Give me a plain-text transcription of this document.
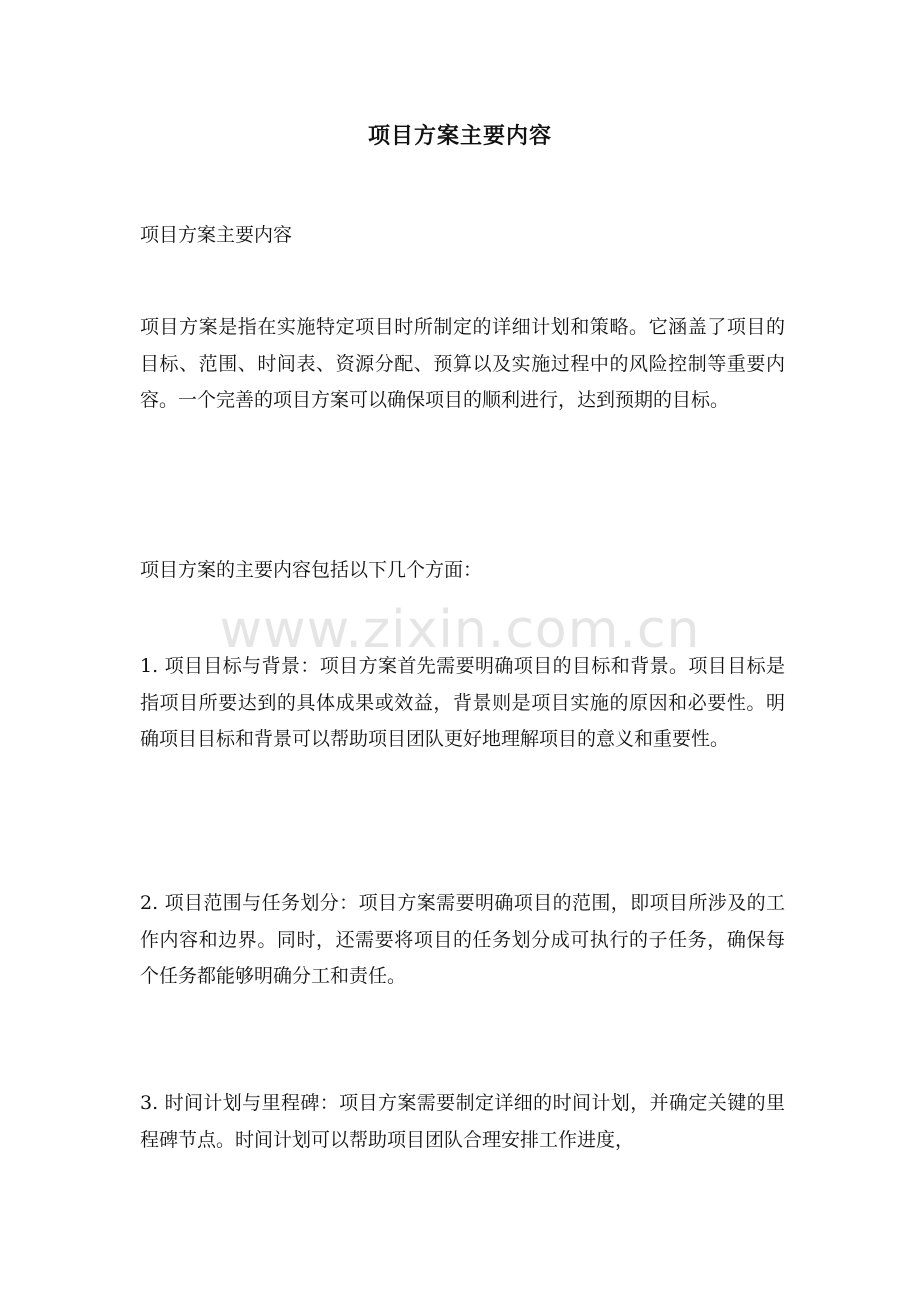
项目方案主要内容

项目方案主要内容

项目方案是指在实施特定项目时所制定的详细计划和策略。它涵盖了项目的目标、范围、时间表、资源分配、预算以及实施过程中的风险控制等重要内容。一个完善的项目方案可以确保项目的顺利进行，达到预期的目标。

项目方案的主要内容包括以下几个方面：

1. 项目目标与背景：项目方案首先需要明确项目的目标和背景。项目目标是指项目所要达到的具体成果或效益，背景则是项目实施的原因和必要性。明确项目目标和背景可以帮助项目团队更好地理解项目的意义和重要性。

2. 项目范围与任务划分：项目方案需要明确项目的范围，即项目所涉及的工作内容和边界。同时，还需要将项目的任务划分成可执行的子任务，确保每个任务都能够明确分工和责任。

3. 时间计划与里程碑：项目方案需要制定详细的时间计划，并确定关键的里程碑节点。时间计划可以帮助项目团队合理安排工作进度，

www.zixin.com.cn
